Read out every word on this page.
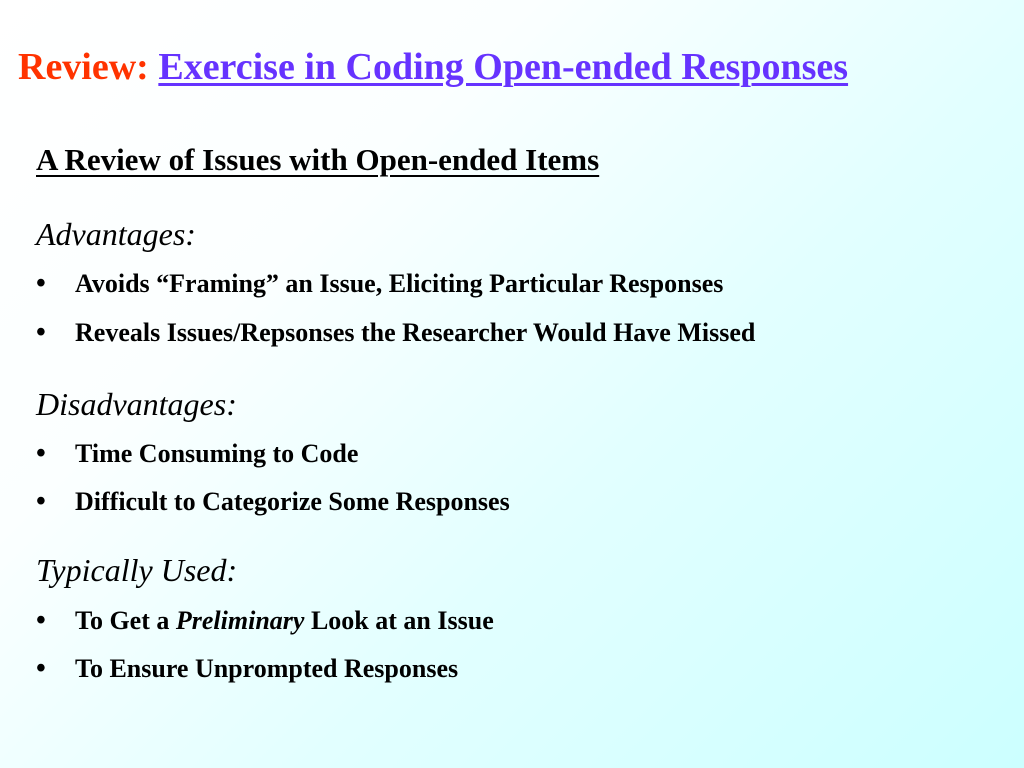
Review: Exercise in Coding Open-ended Responses
A Review of Issues with Open-ended Items
Advantages:
•	Avoids “Framing” an Issue, Eliciting Particular Responses
•	Reveals Issues/Repsonses the Researcher Would Have Missed
Disadvantages:
•	Time Consuming to Code
•	Difficult to Categorize Some Responses
Typically Used:
•	To Get a Preliminary Look at an Issue
•	To Ensure Unprompted Responses
